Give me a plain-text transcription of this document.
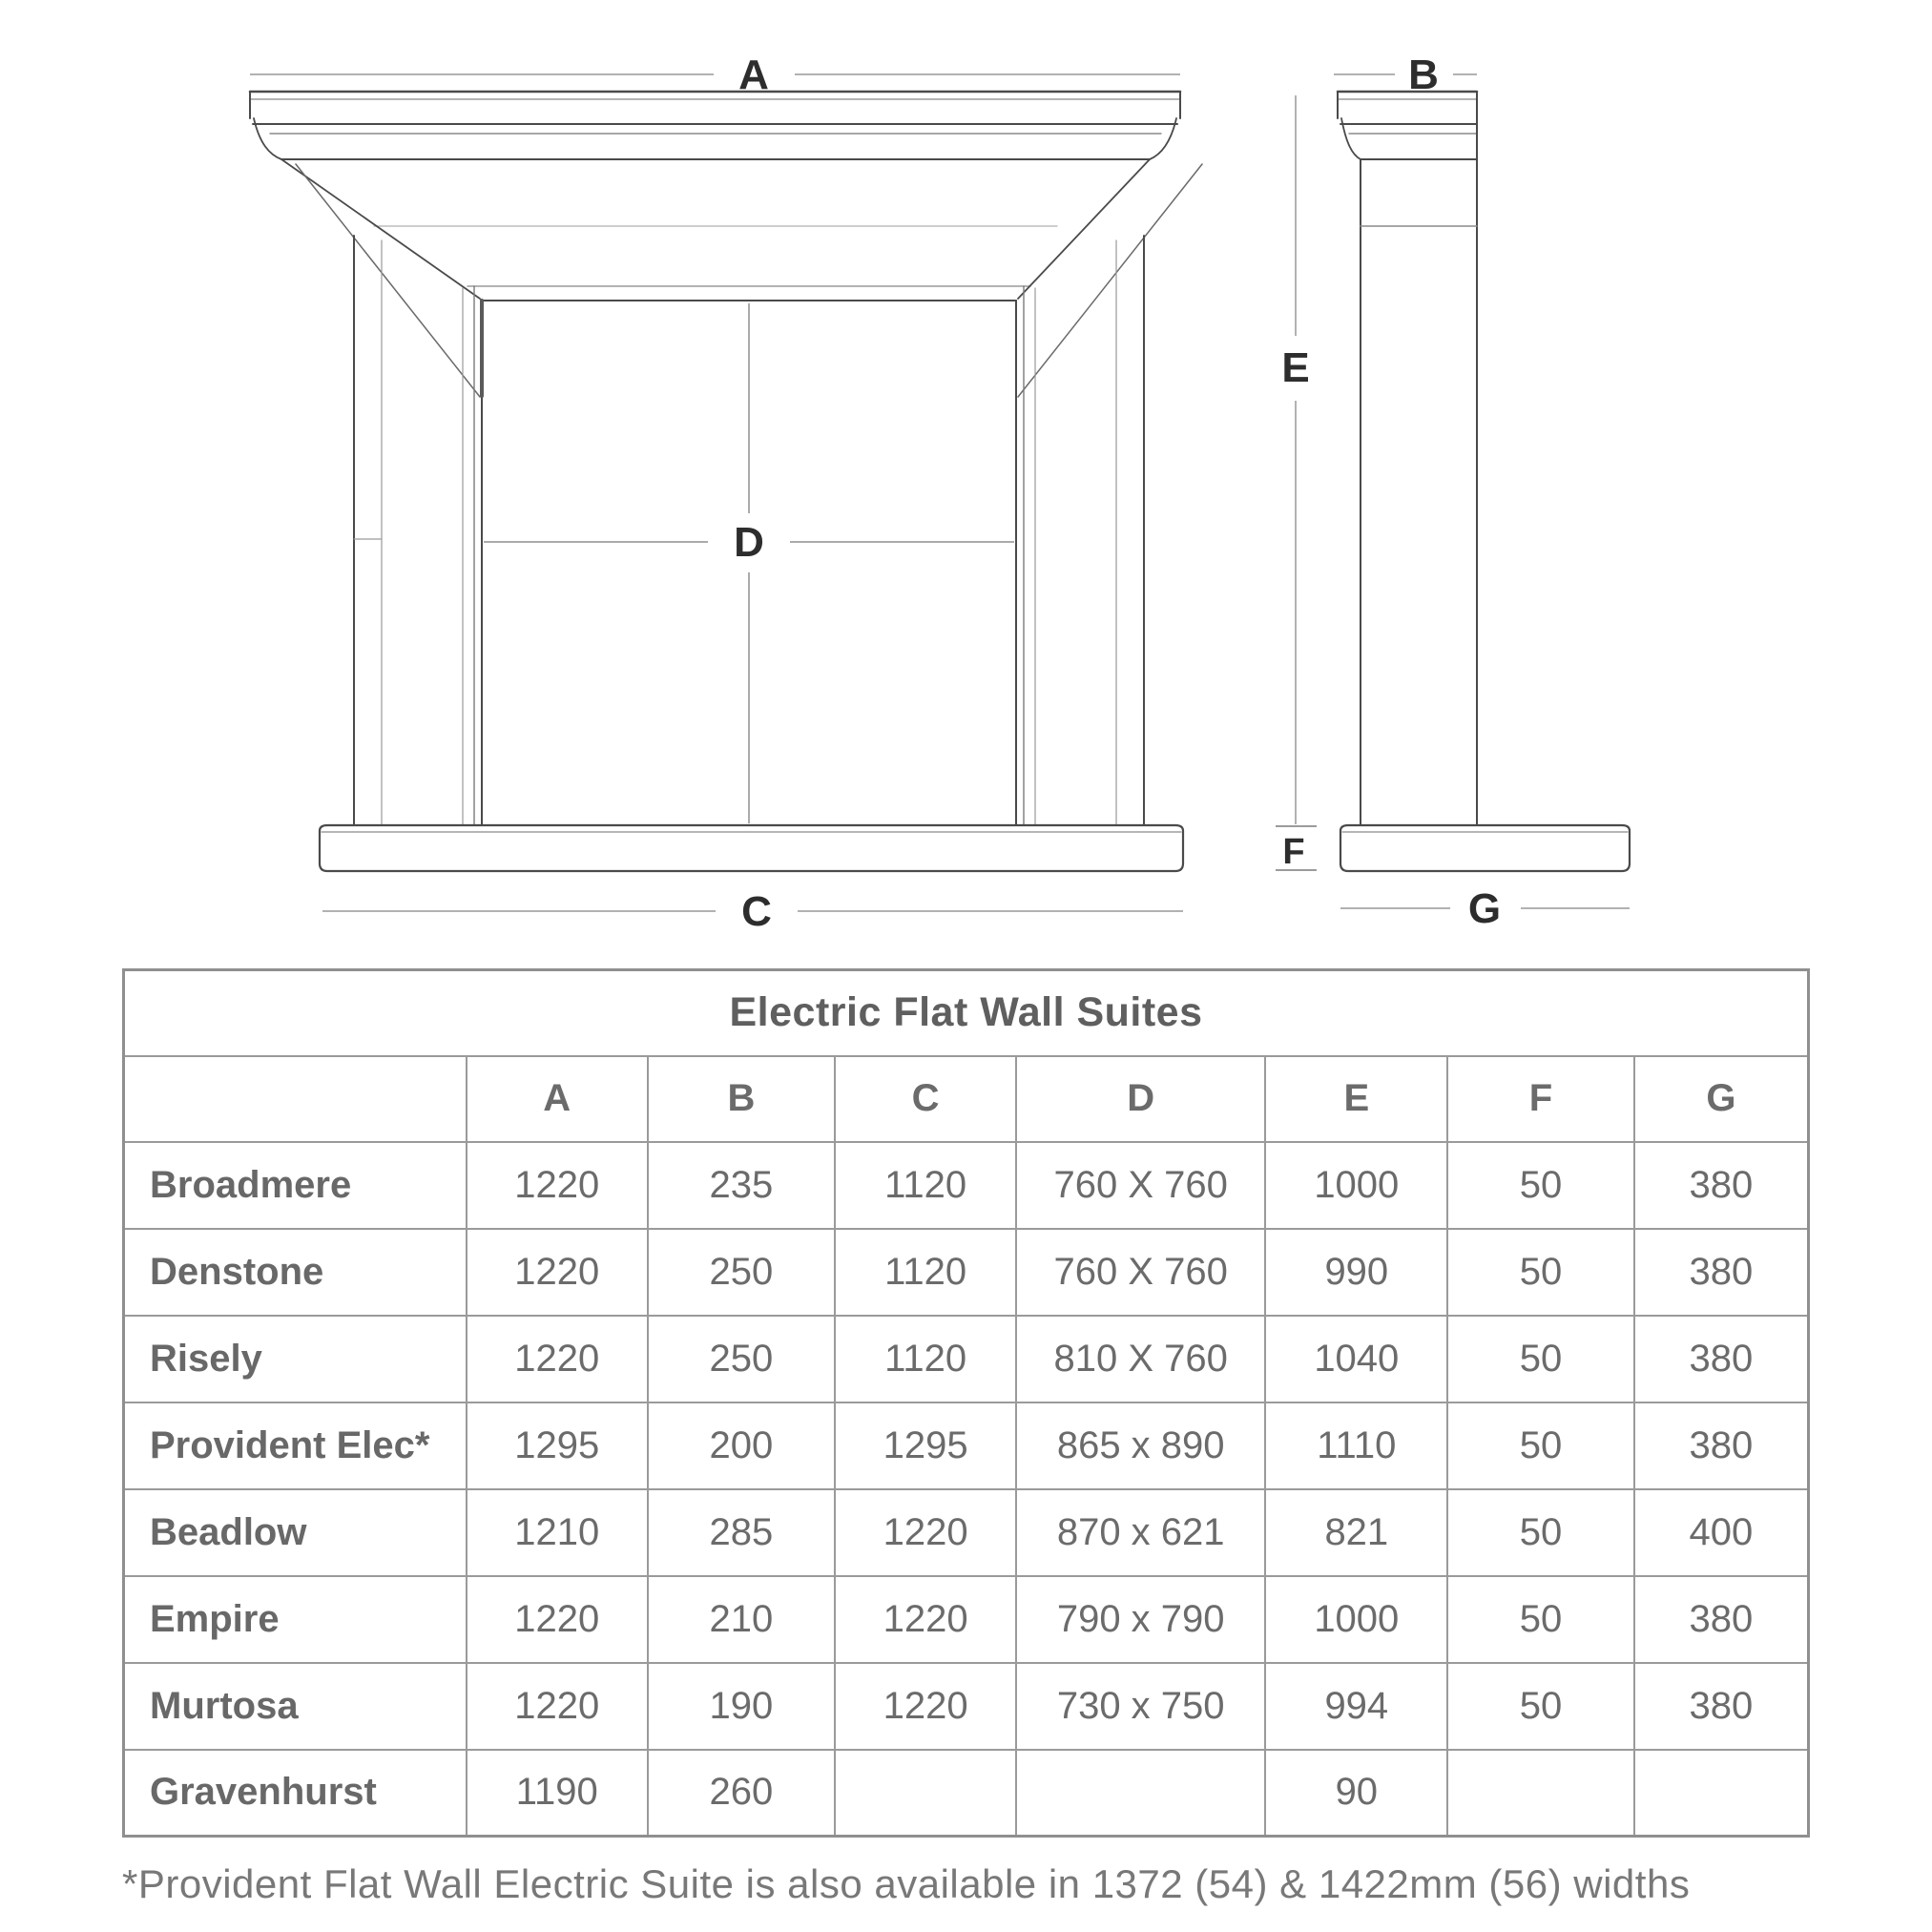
A	B
D
E
F
G
C
Electric Flat Wall Suites							
	A	B	C	D	E	F	G
Broadmere	1220	235	1120	760 X 760	1000	50	380
Denstone	1220	250	1120	760 X 760	990	50	380
Risely	1220	250	1120	810 X 760	1040	50	380
Provident Elec*	1295	200	1295	865 x 890	1110	50	380
Beadlow	1210	285	1220	870 x 621	821	50	400
Empire	1220	210	1220	790 x 790	1000	50	380
Murtosa	1220	190	1220	730 x 750	994	50	380
Gravenhurst	1190	260			90		
*Provident Flat Wall Electric Suite is also available in 1372 (54) & 1422mm (56) widths
